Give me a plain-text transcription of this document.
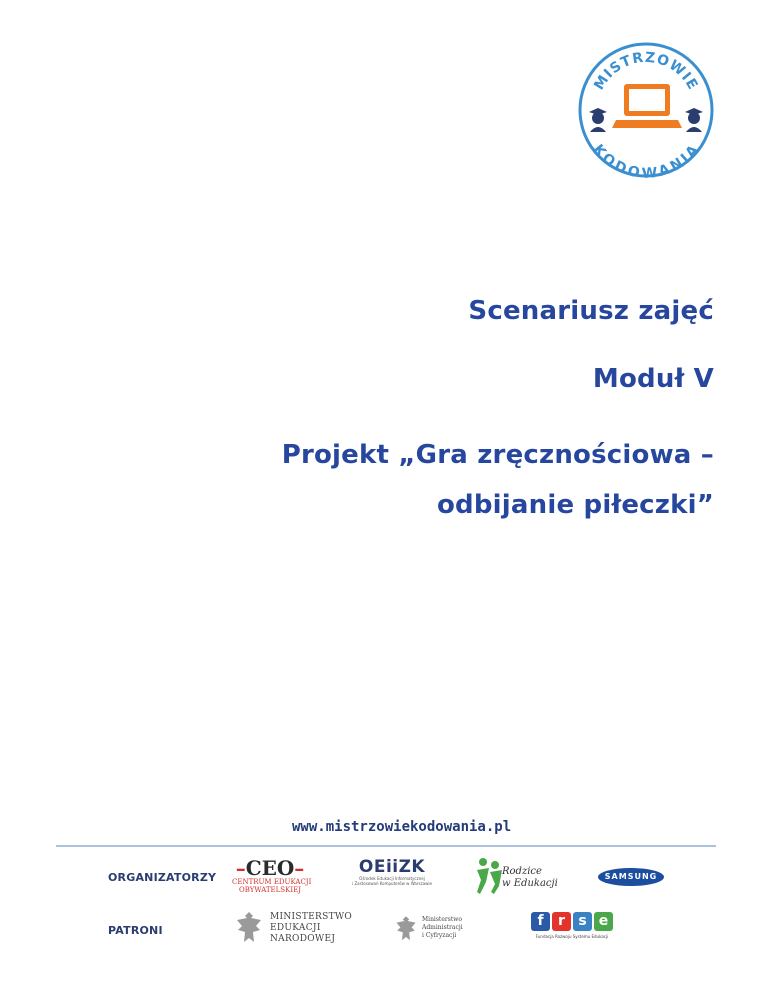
MISTRZOWIE
KODOWANIA
Scenariusz zajęć
Moduł V
Projekt „Gra zręcznościowa –
odbijanie piłeczki”
www.mistrzowiekodowania.pl
ORGANIZATORZY
PATRONI
–CEO–
CENTRUM EDUKACJI
OBYWATELSKIEJ
OEiiZK
Ośrodek Edukacji Informatycznej
i Zastosowań Komputerów w Warszawie
Rodzice
w Edukacji
SAMSUNG
MINISTERSTWO
EDUKACJI
NARODOWEJ
Ministerstwo
Administracji
i Cyfryzacji
f	r s e
Fundacja Rozwoju Systemu Edukacji
